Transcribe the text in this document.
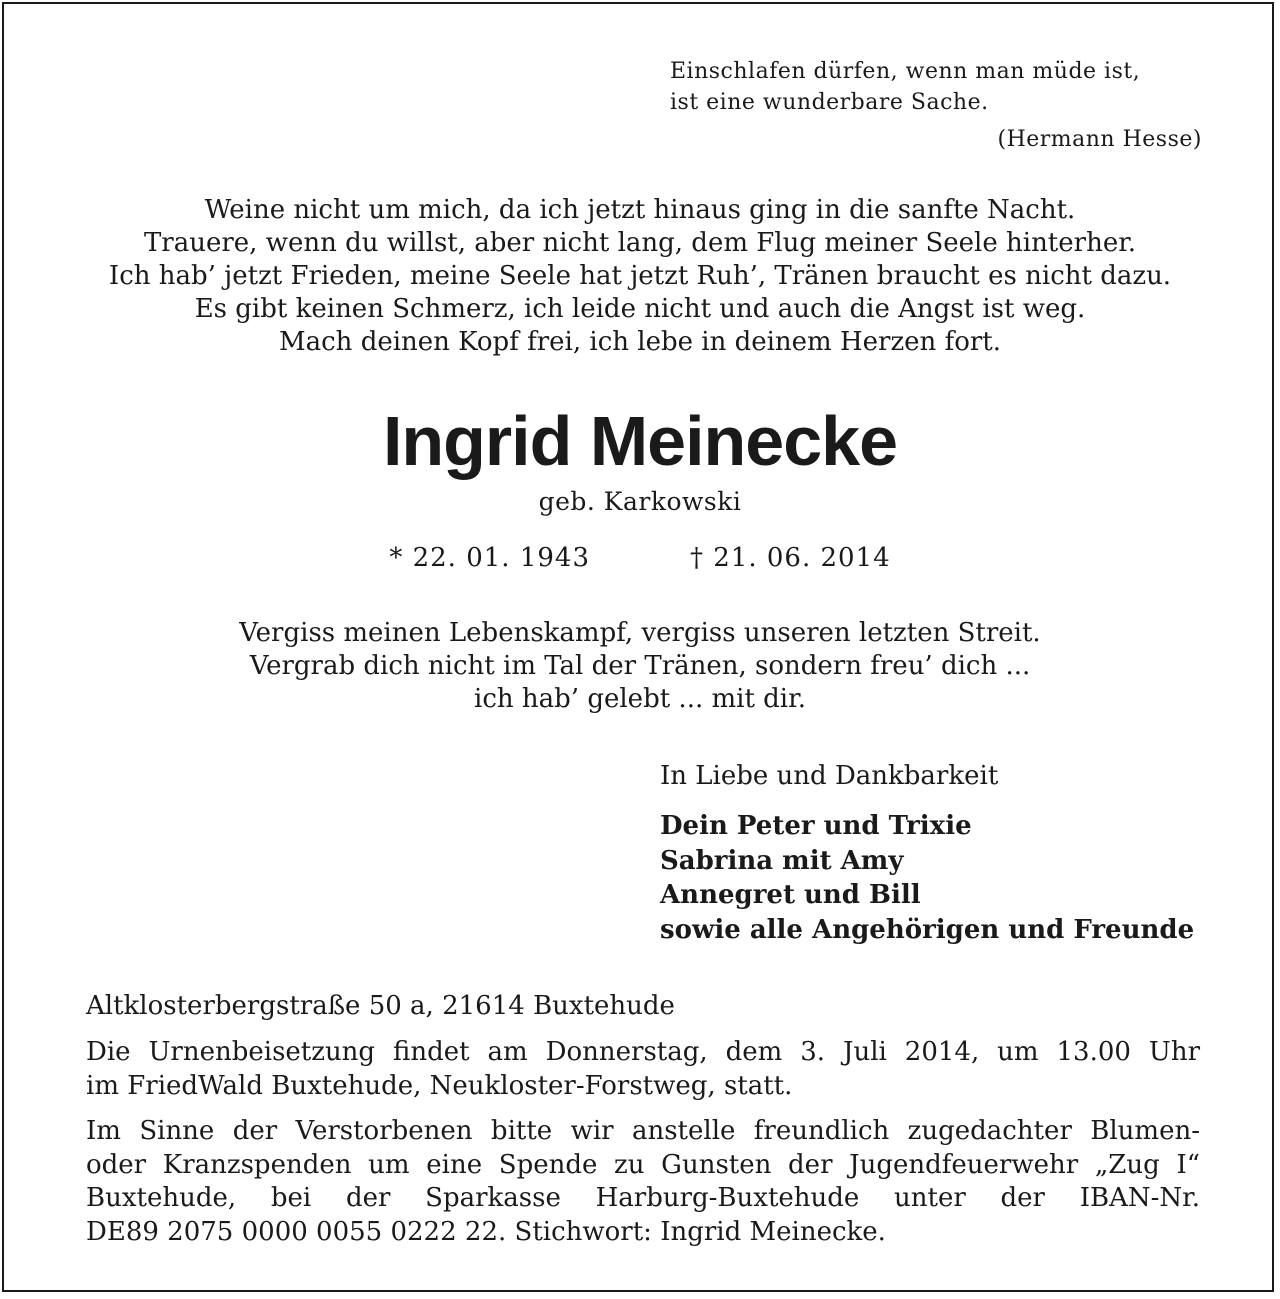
Einschlafen dürfen, wenn man müde ist,
ist eine wunderbare Sache.
(Hermann Hesse)
Weine nicht um mich, da ich jetzt hinaus ging in die sanfte Nacht.
Trauere, wenn du willst, aber nicht lang, dem Flug meiner Seele hinterher.
Ich hab’ jetzt Frieden, meine Seele hat jetzt Ruh’, Tränen braucht es nicht dazu.
Es gibt keinen Schmerz, ich leide nicht und auch die Angst ist weg.
Mach deinen Kopf frei, ich lebe in deinem Herzen fort.
Ingrid Meinecke
geb. Karkowski
* 22. 01. 1943	† 21. 06. 2014
Vergiss meinen Lebenskampf, vergiss unseren letzten Streit.
Vergrab dich nicht im Tal der Tränen, sondern freu’ dich ...
ich hab’ gelebt ... mit dir.
In Liebe und Dankbarkeit
Dein Peter und Trixie
Sabrina mit Amy
Annegret und Bill
sowie alle Angehörigen und Freunde
Altklosterbergstraße 50 a, 21614 Buxtehude
Die Urnenbeisetzung findet am Donnerstag, dem 3. Juli 2014, um 13.00 Uhr
im FriedWald Buxtehude, Neukloster-Forstweg, statt.
Im Sinne der Verstorbenen bitte wir anstelle freundlich zugedachter Blumen-
oder Kranzspenden um eine Spende zu Gunsten der Jugendfeuerwehr „Zug I“
Buxtehude, bei der Sparkasse Harburg-Buxtehude unter der IBAN-Nr.
DE89 2075 0000 0055 0222 22. Stichwort: Ingrid Meinecke.
